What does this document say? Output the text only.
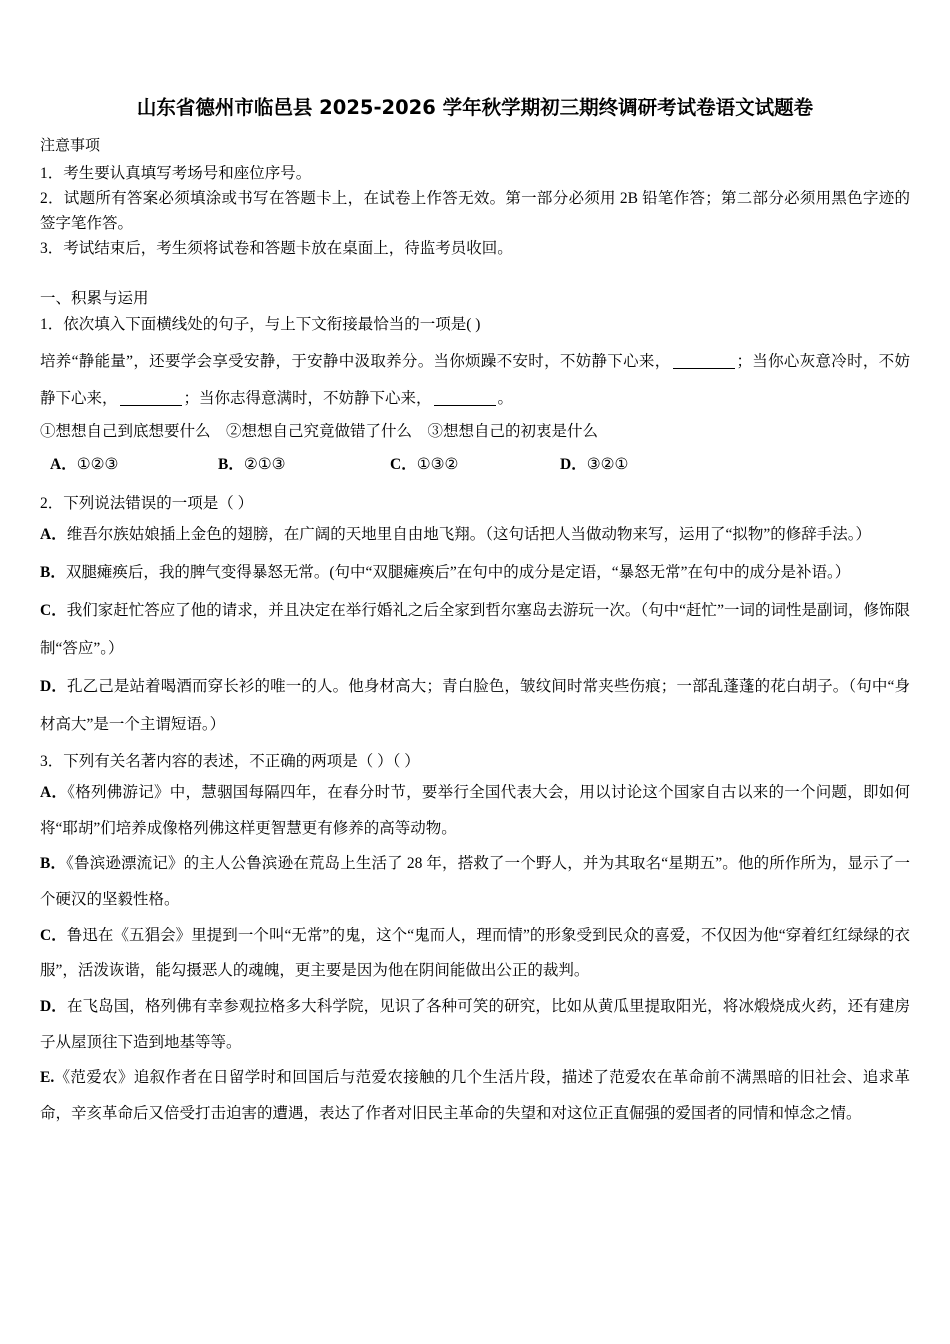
山东省德州市临邑县 2025-2026 学年秋学期初三期终调研考试卷语文试题卷

注意事项

1．考生要认真填写考场号和座位序号。

2．试题所有答案必须填涂或书写在答题卡上，在试卷上作答无效。第一部分必须用 2B 铅笔作答；第二部分必须用黑色字迹的签字笔作答。

3．考试结束后，考生须将试卷和答题卡放在桌面上，待监考员收回。

一、积累与运用

1．依次填入下面横线处的句子，与上下文衔接最恰当的一项是( )

培养“静能量”，还要学会享受安静，于安静中汲取养分。当你烦躁不安时，不妨静下心来，	；当你心灰意冷时，不妨静下心来，	；当你志得意满时，不妨静下心来，	。

①想想自己到底想要什么　②想想自己究竟做错了什么　③想想自己的初衷是什么

A．①②③	B．②①③	C．①③②	D．③②①

2．下列说法错误的一项是（ ）

A．维吾尔族姑娘插上金色的翅膀，在广阔的天地里自由地飞翔。（这句话把人当做动物来写，运用了“拟物”的修辞手法。）

B．双腿瘫痪后，我的脾气变得暴怒无常。(句中“双腿瘫痪后”在句中的成分是定语，“暴怒无常”在句中的成分是补语。）

C．我们家赶忙答应了他的请求，并且决定在举行婚礼之后全家到哲尔塞岛去游玩一次。（句中“赶忙”一词的词性是副词，修饰限制“答应”。）

D．孔乙己是站着喝酒而穿长衫的唯一的人。他身材高大；青白脸色，皱纹间时常夹些伤痕；一部乱蓬蓬的花白胡子。（句中“身材高大”是一个主谓短语。）

3．下列有关名著内容的表述，不正确的两项是（ ）（ ）

A．《格列佛游记》中，慧骃国每隔四年，在春分时节，要举行全国代表大会，用以讨论这个国家自古以来的一个问题，即如何将“耶胡”们培养成像格列佛这样更智慧更有修养的高等动物。

B．《鲁滨逊漂流记》的主人公鲁滨逊在荒岛上生活了 28 年，搭救了一个野人，并为其取名“星期五”。他的所作所为，显示了一个硬汉的坚毅性格。

C．鲁迅在《五猖会》里提到一个叫“无常”的鬼，这个“鬼而人，理而情”的形象受到民众的喜爱，不仅因为他“穿着红红绿绿的衣服”，活泼诙谐，能勾摄恶人的魂魄，更主要是因为他在阴间能做出公正的裁判。

D．在飞岛国，格列佛有幸参观拉格多大科学院，见识了各种可笑的研究，比如从黄瓜里提取阳光，将冰煅烧成火药，还有建房子从屋顶往下造到地基等等。

E.《范爱农》追叙作者在日留学时和回国后与范爱农接触的几个生活片段，描述了范爱农在革命前不满黑暗的旧社会、追求革命，辛亥革命后又倍受打击迫害的遭遇，表达了作者对旧民主革命的失望和对这位正直倔强的爱国者的同情和悼念之情。
